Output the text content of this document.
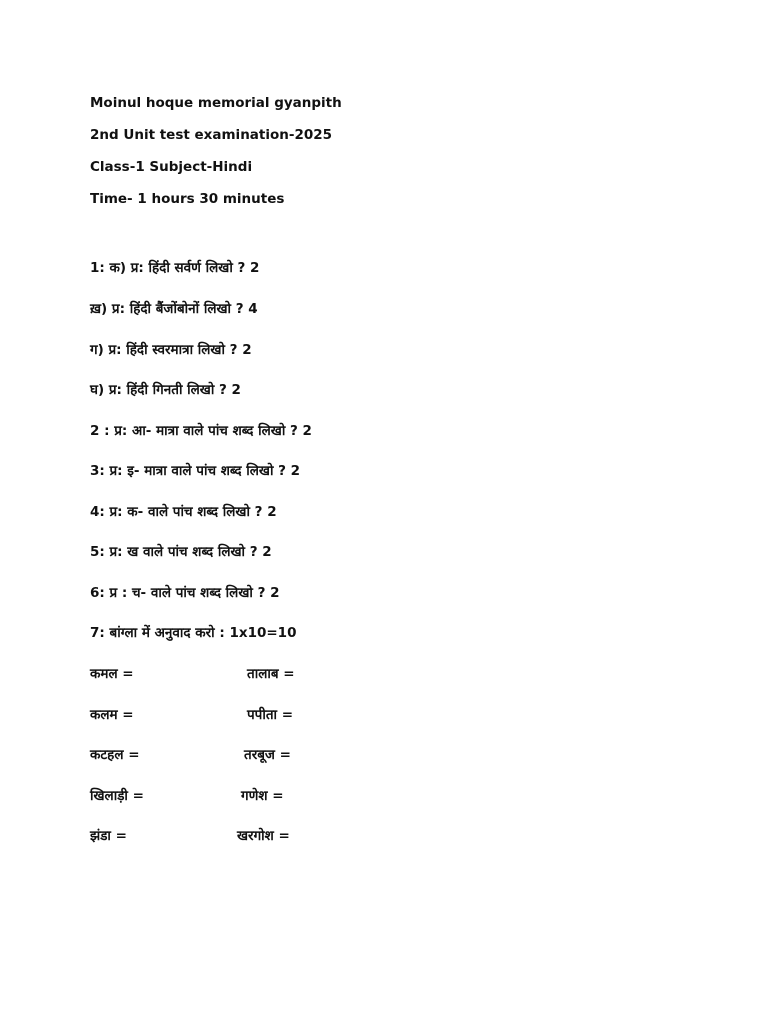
Moinul hoque memorial gyanpith
2nd Unit test examination-2025
Class-1 Subject-Hindi
Time- 1 hours 30 minutes
1: क) प्र: हिंदी सर्वर्ण लिखो ? 2
ख़) प्र: हिंदी बैंजोंबोनों लिखो ? 4
ग) प्र: हिंदी स्वरमात्रा लिखो ? 2
घ) प्र: हिंदी गिनती लिखो ? 2
2 : प्र: आ- मात्रा वाले पांच शब्द लिखो ? 2
3: प्र: इ- मात्रा वाले पांच शब्द लिखो ? 2
4: प्र: क- वाले पांच शब्द लिखो ? 2
5: प्र: ख वाले पांच शब्द लिखो ? 2
6: प्र : च- वाले पांच शब्द लिखो ? 2
7: बांग्ला में अनुवाद करो : 1x10=10
कमल =	तालाब =
कलम =	पपीता =
कटहल =	तरबूज =
खिलाड़ी =	गणेश =
झंडा =	खरगोश =
